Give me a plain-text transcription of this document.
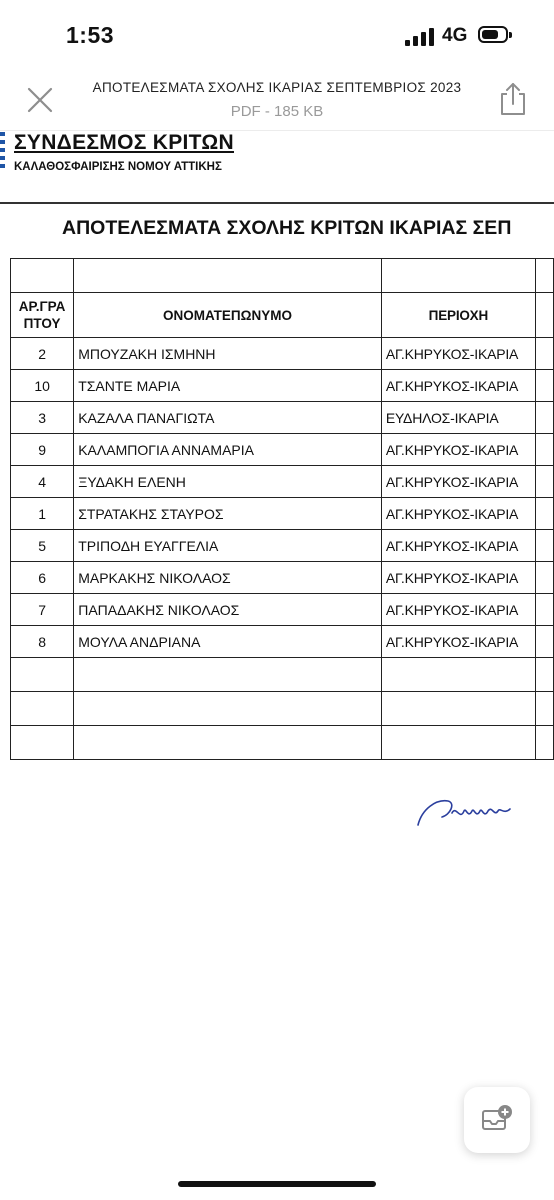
1:53	4G
ΑΠΟΤΕΛΕΣΜΑΤΑ ΣΧΟΛΗΣ ΙΚΑΡΙΑΣ ΣΕΠΤΕΜΒΡΙΟΣ 2023
PDF - 185 KB
ΣΥΝΔΕΣΜΟΣ ΚΡΙΤΩΝ
ΚΑΛΑΘΟΣΦΑΙΡΙΣΗΣ ΝΟΜΟΥ ΑΤΤΙΚΗΣ
ΑΠΟΤΕΛΕΣΜΑΤΑ ΣΧΟΛΗΣ ΚΡΙΤΩΝ ΙΚΑΡΙΑΣ ΣΕΠ

ΑΡ.ΓΡΑ ΠΤΟΥ	ΟΝΟΜΑΤΕΠΩΝΥΜΟ	ΠΕΡΙΟΧΗ	
2	ΜΠΟΥΖΑΚΗ ΙΣΜΗΝΗ	ΑΓ.ΚΗΡΥΚΟΣ-ΙΚΑΡΙΑ	
10	ΤΣΑΝΤΕ ΜΑΡΙΑ	ΑΓ.ΚΗΡΥΚΟΣ-ΙΚΑΡΙΑ	
3	ΚΑΖΑΛΑ ΠΑΝΑΓΙΩΤΑ	ΕΥΔΗΛΟΣ-ΙΚΑΡΙΑ	
9	ΚΑΛΑΜΠΟΓΙΑ ΑΝΝΑΜΑΡΙΑ	ΑΓ.ΚΗΡΥΚΟΣ-ΙΚΑΡΙΑ	
4	ΞΥΔΑΚΗ ΕΛΕΝΗ	ΑΓ.ΚΗΡΥΚΟΣ-ΙΚΑΡΙΑ	
1	ΣΤΡΑΤΑΚΗΣ ΣΤΑΥΡΟΣ	ΑΓ.ΚΗΡΥΚΟΣ-ΙΚΑΡΙΑ	
5	ΤΡΙΠΟΔΗ ΕΥΑΓΓΕΛΙΑ	ΑΓ.ΚΗΡΥΚΟΣ-ΙΚΑΡΙΑ	
6	ΜΑΡΚΑΚΗΣ ΝΙΚΟΛΑΟΣ	ΑΓ.ΚΗΡΥΚΟΣ-ΙΚΑΡΙΑ	
7	ΠΑΠΑΔΑΚΗΣ ΝΙΚΟΛΑΟΣ	ΑΓ.ΚΗΡΥΚΟΣ-ΙΚΑΡΙΑ	
8	ΜΟΥΛΑ ΑΝΔΡΙΑΝΑ	ΑΓ.ΚΗΡΥΚΟΣ-ΙΚΑΡΙΑ	
